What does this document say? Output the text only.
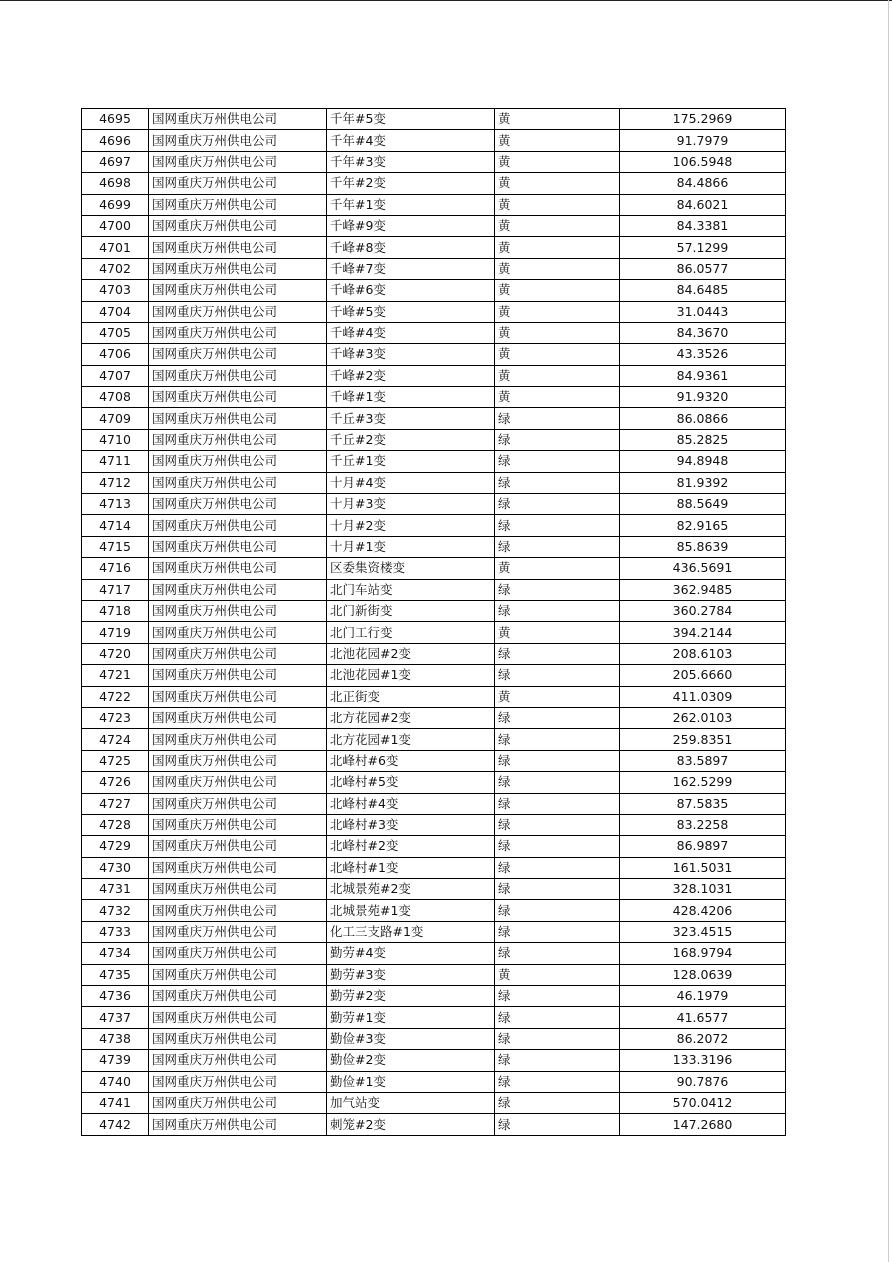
4695	国网重庆万州供电公司	千年#5变	黄	175.2969
4696	国网重庆万州供电公司	千年#4变	黄	91.7979
4697	国网重庆万州供电公司	千年#3变	黄	106.5948
4698	国网重庆万州供电公司	千年#2变	黄	84.4866
4699	国网重庆万州供电公司	千年#1变	黄	84.6021
4700	国网重庆万州供电公司	千峰#9变	黄	84.3381
4701	国网重庆万州供电公司	千峰#8变	黄	57.1299
4702	国网重庆万州供电公司	千峰#7变	黄	86.0577
4703	国网重庆万州供电公司	千峰#6变	黄	84.6485
4704	国网重庆万州供电公司	千峰#5变	黄	31.0443
4705	国网重庆万州供电公司	千峰#4变	黄	84.3670
4706	国网重庆万州供电公司	千峰#3变	黄	43.3526
4707	国网重庆万州供电公司	千峰#2变	黄	84.9361
4708	国网重庆万州供电公司	千峰#1变	黄	91.9320
4709	国网重庆万州供电公司	千丘#3变	绿	86.0866
4710	国网重庆万州供电公司	千丘#2变	绿	85.2825
4711	国网重庆万州供电公司	千丘#1变	绿	94.8948
4712	国网重庆万州供电公司	十月#4变	绿	81.9392
4713	国网重庆万州供电公司	十月#3变	绿	88.5649
4714	国网重庆万州供电公司	十月#2变	绿	82.9165
4715	国网重庆万州供电公司	十月#1变	绿	85.8639
4716	国网重庆万州供电公司	区委集资楼变	黄	436.5691
4717	国网重庆万州供电公司	北门车站变	绿	362.9485
4718	国网重庆万州供电公司	北门新街变	绿	360.2784
4719	国网重庆万州供电公司	北门工行变	黄	394.2144
4720	国网重庆万州供电公司	北池花园#2变	绿	208.6103
4721	国网重庆万州供电公司	北池花园#1变	绿	205.6660
4722	国网重庆万州供电公司	北正街变	黄	411.0309
4723	国网重庆万州供电公司	北方花园#2变	绿	262.0103
4724	国网重庆万州供电公司	北方花园#1变	绿	259.8351
4725	国网重庆万州供电公司	北峰村#6变	绿	83.5897
4726	国网重庆万州供电公司	北峰村#5变	绿	162.5299
4727	国网重庆万州供电公司	北峰村#4变	绿	87.5835
4728	国网重庆万州供电公司	北峰村#3变	绿	83.2258
4729	国网重庆万州供电公司	北峰村#2变	绿	86.9897
4730	国网重庆万州供电公司	北峰村#1变	绿	161.5031
4731	国网重庆万州供电公司	北城景苑#2变	绿	328.1031
4732	国网重庆万州供电公司	北城景苑#1变	绿	428.4206
4733	国网重庆万州供电公司	化工三支路#1变	绿	323.4515
4734	国网重庆万州供电公司	勤劳#4变	绿	168.9794
4735	国网重庆万州供电公司	勤劳#3变	黄	128.0639
4736	国网重庆万州供电公司	勤劳#2变	绿	46.1979
4737	国网重庆万州供电公司	勤劳#1变	绿	41.6577
4738	国网重庆万州供电公司	勤俭#3变	绿	86.2072
4739	国网重庆万州供电公司	勤俭#2变	绿	133.3196
4740	国网重庆万州供电公司	勤俭#1变	绿	90.7876
4741	国网重庆万州供电公司	加气站变	绿	570.0412
4742	国网重庆万州供电公司	刺笼#2变	绿	147.2680
